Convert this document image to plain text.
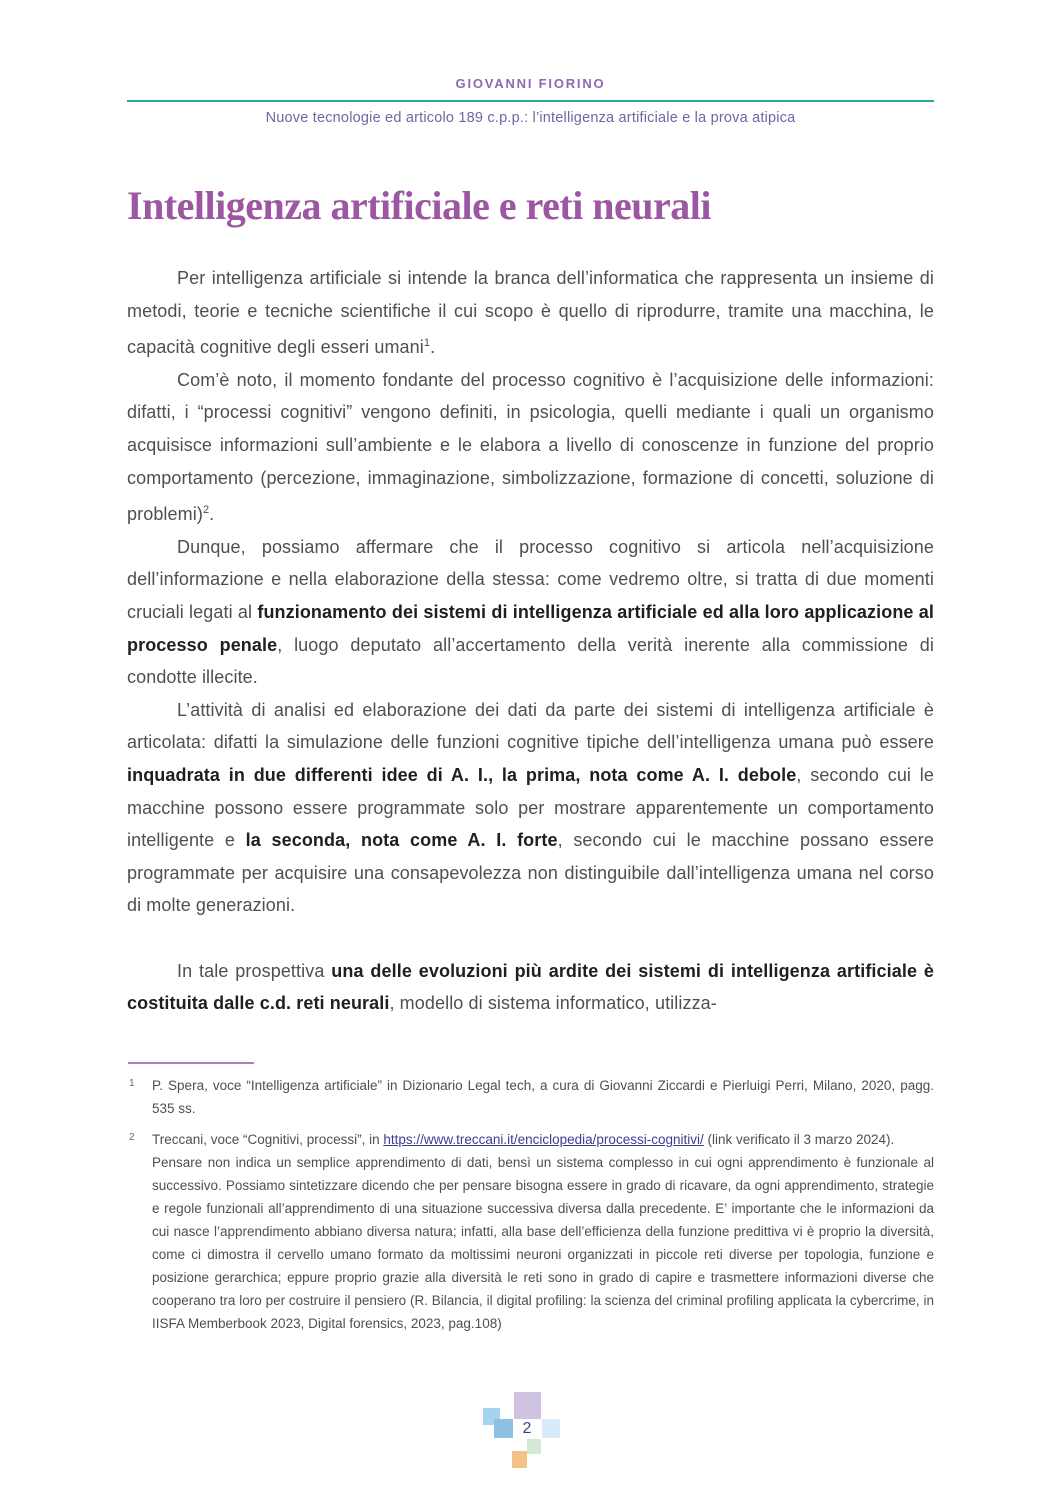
GIOVANNI FIORINO
Nuove tecnologie ed articolo 189 c.p.p.: l’intelligenza artificiale e la prova atipica
Intelligenza artificiale e reti neurali

Per intelligenza artificiale si intende la branca dell’informatica che rappresenta un insieme di metodi, teorie e tecniche scientifiche il cui scopo è quello di riprodurre, tramite una macchina, le capacità cognitive degli esseri umani$^1$.

Com’è noto, il momento fondante del processo cognitivo è l’acquisizione delle informazioni: difatti, i “processi cognitivi” vengono definiti, in psicologia, quelli mediante i quali un organismo acquisisce informazioni sull’ambiente e le elabora a livello di conoscenze in funzione del proprio comportamento (percezione, immaginazione, simbolizzazione, formazione di concetti, soluzione di problemi)$^2$.

Dunque, possiamo affermare che il processo cognitivo si articola nell’acquisizione dell’informazione e nella elaborazione della stessa: come vedremo oltre, si tratta di due momenti cruciali legati al funzionamento dei sistemi di intelligenza artificiale ed alla loro applicazione al processo penale, luogo deputato all’accertamento della verità inerente alla commissione di condotte illecite.

L’attività di analisi ed elaborazione dei dati da parte dei sistemi di intelligenza artificiale è articolata: difatti la simulazione delle funzioni cognitive tipiche dell’intelligenza umana può essere inquadrata in due differenti idee di A. I., la prima, nota come A. I. debole, secondo cui le macchine possono essere programmate solo per mostrare apparentemente un comportamento intelligente e la seconda, nota come A. I. forte, secondo cui le macchine possano essere programmate per acquisire una consapevolezza non distinguibile dall’intelligenza umana nel corso di molte generazioni.

In tale prospettiva una delle evoluzioni più ardite dei sistemi di intelligenza artificiale è costituita dalle c.d. reti neurali, modello di sistema informatico, utilizza-

1 P. Spera, voce “Intelligenza artificiale” in Dizionario Legal tech, a cura di Giovanni Ziccardi e Pierluigi Perri, Milano, 2020, pagg. 535 ss.

2 Treccani, voce “Cognitivi, processi”, in https://www.treccani.it/enciclopedia/processi-cognitivi/ (link verificato il 3 marzo 2024).

Pensare non indica un semplice apprendimento di dati, bensì un sistema complesso in cui ogni apprendimento è funzionale al successivo. Possiamo sintetizzare dicendo che per pensare bisogna essere in grado di ricavare, da ogni apprendimento, strategie e regole funzionali all’apprendimento di una situazione successiva diversa dalla precedente. E’ importante che le informazioni da cui nasce l’apprendimento abbiano diversa natura; infatti, alla base dell’efficienza della funzione predittiva vi è proprio la diversità, come ci dimostra il cervello umano formato da moltissimi neuroni organizzati in piccole reti diverse per topologia, funzione e posizione gerarchica; eppure proprio grazie alla diversità le reti sono in grado di capire e trasmettere informazioni diverse che cooperano tra loro per costruire il pensiero (R. Bilancia, il digital profiling: la scienza del criminal profiling applicata la cybercrime, in IISFA Memberbook 2023, Digital forensics, 2023, pag.108)

2
